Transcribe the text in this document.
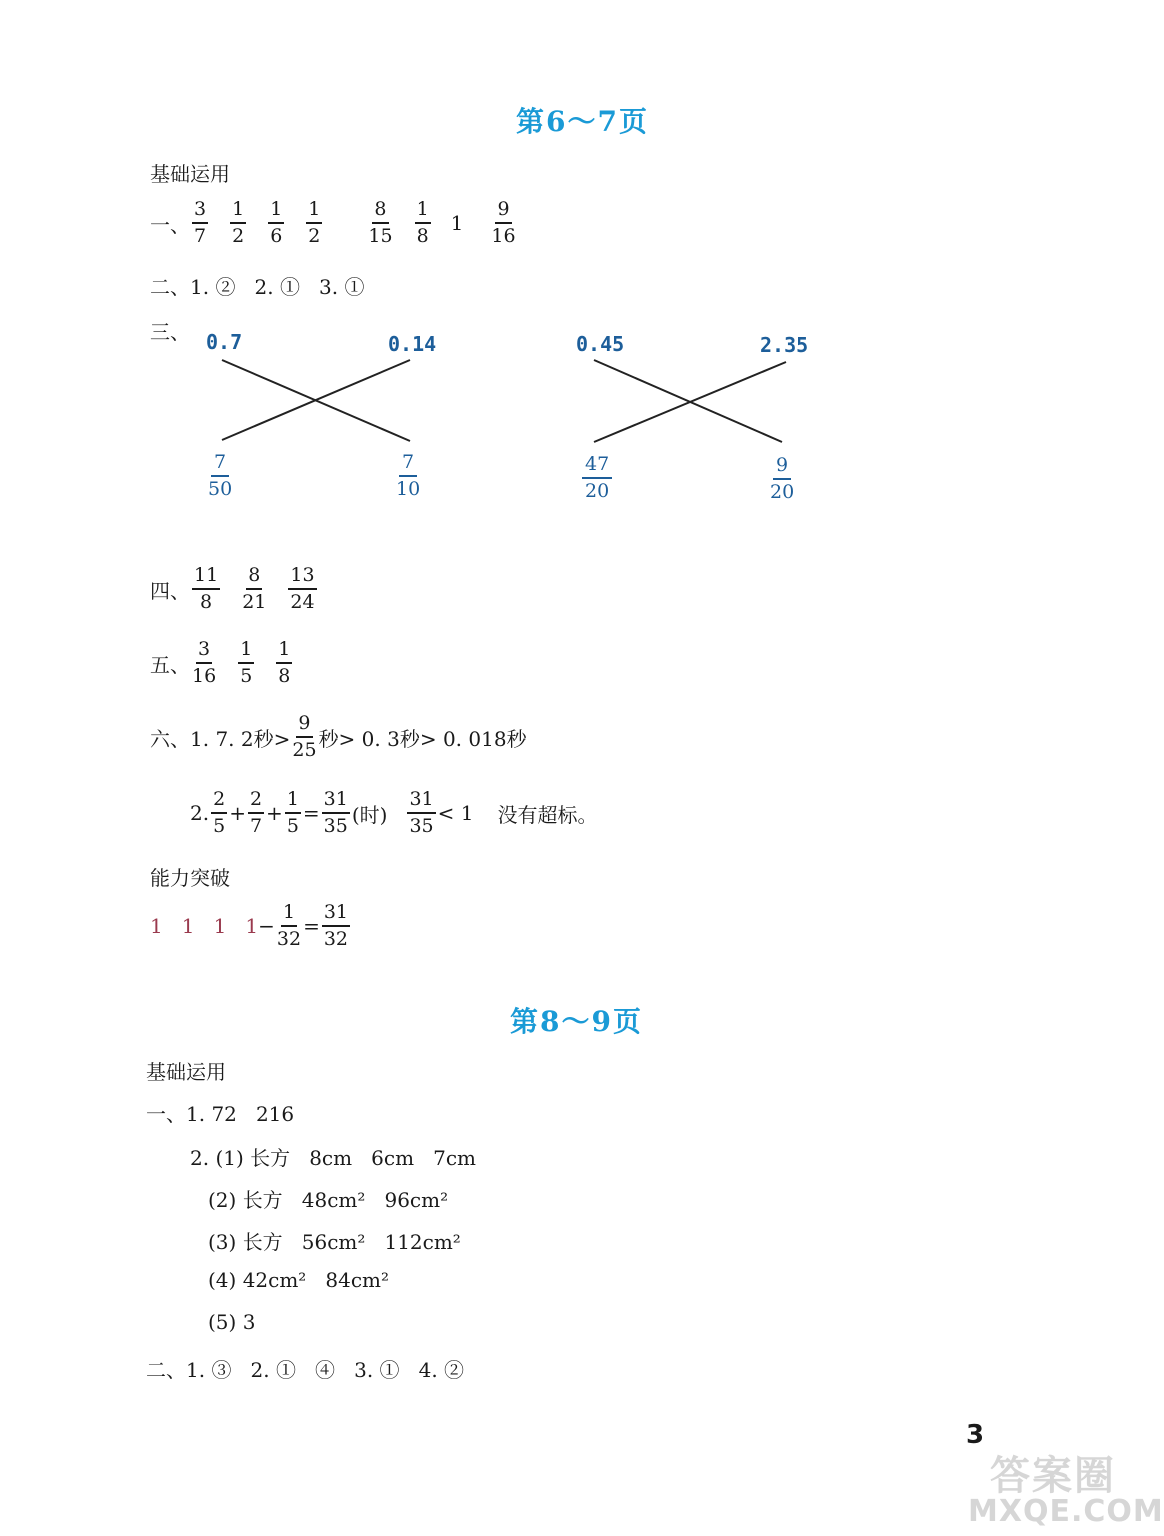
第6～7页
基础运用
一、 $\frac{3}{7} \frac{1}{2} \frac{1}{6} \frac{1}{2} \frac{8}{15} \frac{1}{8} 1 \frac{9}{16}$
二、1. ②   2. ①   3. ①
三、 0.7	0.14
7
50
7
10
0.45	2.35
47
20
9
20
四、 $\frac{11}{8} \frac{8}{21} \frac{13}{24}$
五、 $\frac{3}{16} \frac{1}{5} \frac{1}{8}$
六、 1. 7. 2秒> $\frac{9}{25}$ 秒> 0. 3秒> 0. 018秒
2. $\frac{2}{5} + \frac{2}{7} + \frac{1}{5} = \frac{31}{35}$ (时) $\frac{31}{35} < 1$ 没有超标。
能力突破
1   1   1   $1 - \frac{1}{32} = \frac{31}{32}$
第8～9页
基础运用
一、1. 72   216
2. (1) 长方   8cm   6cm   7cm
(2) 长方   48cm²   96cm²
(3) 长方   56cm²   112cm²
(4) 42cm²   84cm²
(5) 3
二、1. ③   2. ①   ④   3. ①   4. ②
3
答案圈
MXQE.COM
